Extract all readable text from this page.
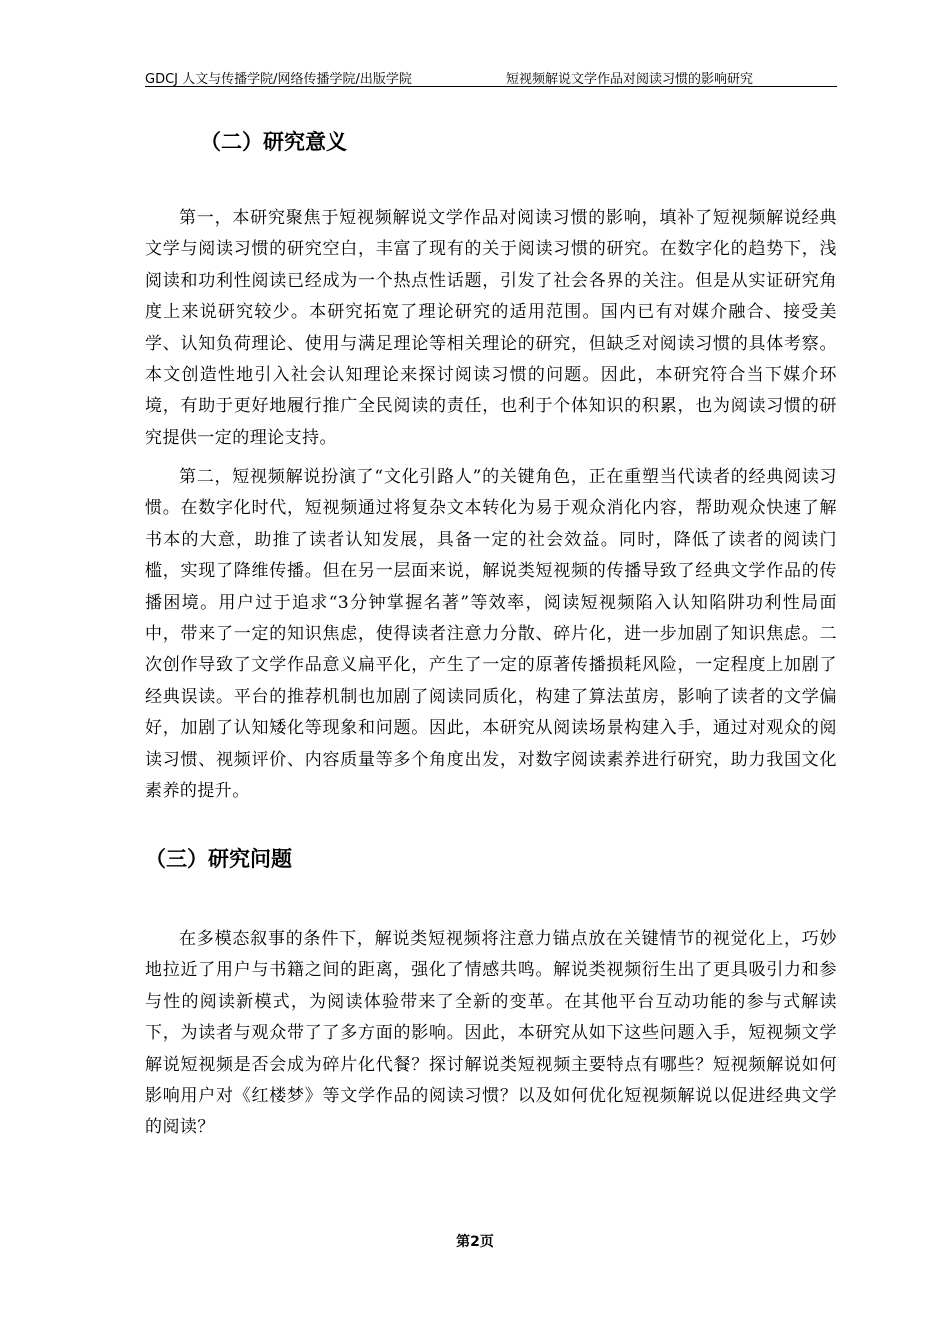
GDCJ 人文与传播学院/网络传播学院/出版学院	短视频解说文学作品对阅读习惯的影响研究
（二）研究意义

第一，本研究聚焦于短视频解说文学作品对阅读习惯的影响，填补了短视频解说经典文学与阅读习惯的研究空白，丰富了现有的关于阅读习惯的研究。在数字化的趋势下，浅阅读和功利性阅读已经成为一个热点性话题，引发了社会各界的关注。但是从实证研究角度上来说研究较少。本研究拓宽了理论研究的适用范围。国内已有对媒介融合、接受美学、认知负荷理论、使用与满足理论等相关理论的研究，但缺乏对阅读习惯的具体考察。本文创造性地引入社会认知理论来探讨阅读习惯的问题。因此，本研究符合当下媒介环境，有助于更好地履行推广全民阅读的责任，也利于个体知识的积累，也为阅读习惯的研究提供一定的理论支持。

第二，短视频解说扮演了“文化引路人”的关键角色，正在重塑当代读者的经典阅读习惯。在数字化时代，短视频通过将复杂文本转化为易于观众消化内容，帮助观众快速了解书本的大意，助推了读者认知发展，具备一定的社会效益。同时，降低了读者的阅读门槛，实现了降维传播。但在另一层面来说，解说类短视频的传播导致了经典文学作品的传播困境。用户过于追求“3分钟掌握名著”等效率，阅读短视频陷入认知陷阱功利性局面中，带来了一定的知识焦虑，使得读者注意力分散、碎片化，进一步加剧了知识焦虑。二次创作导致了文学作品意义扁平化，产生了一定的原著传播损耗风险，一定程度上加剧了经典误读。平台的推荐机制也加剧了阅读同质化，构建了算法茧房，影响了读者的文学偏好，加剧了认知矮化等现象和问题。因此，本研究从阅读场景构建入手，通过对观众的阅读习惯、视频评价、内容质量等多个角度出发，对数字阅读素养进行研究，助力我国文化素养的提升。

（三）研究问题

在多模态叙事的条件下，解说类短视频将注意力锚点放在关键情节的视觉化上，巧妙地拉近了用户与书籍之间的距离，强化了情感共鸣。解说类视频衍生出了更具吸引力和参与性的阅读新模式，为阅读体验带来了全新的变革。在其他平台互动功能的参与式解读下，为读者与观众带了了多方面的影响。因此，本研究从如下这些问题入手，短视频文学解说短视频是否会成为碎片化代餐？探讨解说类短视频主要特点有哪些？短视频解说如何影响用户对《红楼梦》等文学作品的阅读习惯？以及如何优化短视频解说以促进经典文学的阅读？

第2页
